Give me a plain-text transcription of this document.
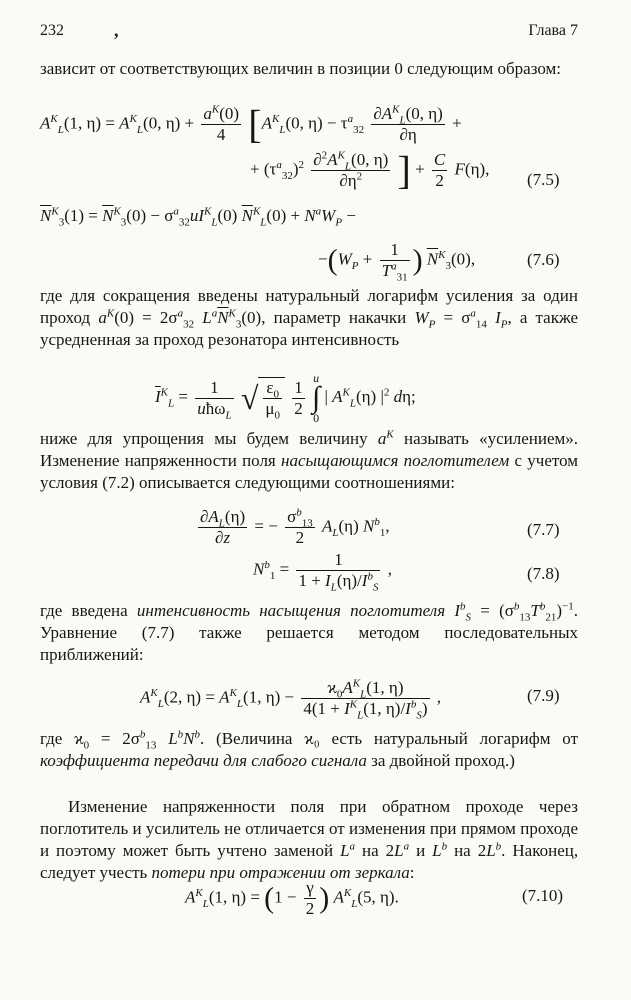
232	,	Глава 7
зависит от соответствующих величин в позиции 0 следующим образом:
$A^K_L(1$, $\eta) = A^K_L(0$, $\eta) + \frac{a^K(0)}{4} [A^K_L(0$, $\eta) - \tau^a_{32} \frac{\partial A^K_L(0, \eta)}{\partial\eta}$ +
+ $(\tau^a_{32})^2 \frac{\partial^2A^K_L(0, \eta)}{\partial\eta^2}$ ] + $\frac{C}{2} F(\eta)$,
(7.5)
$\overline{N}^K_3(1) = \overline{N}^K_3(0) - \sigma^a_{32}uI^K_L(0) \overline{N}^K_L(0) + N^aW_P$ −
$-(W_P + \frac{1}{T^a_{31}}$ ) $\overline{N}^K_3(0)$,	(7.6)
где для сокращения введены натуральный логарифм усиления за один проход $a^K(0) = 2\sigma^a_{32}$ $L^a\overline{N}^K_3(0)$, параметр накачки $W_P = \sigma^a_{14}$ $I_P$, а также усредненная за проход резонатора интенсивность
$\overline{I}^K_L = \frac{1}{uħ\omega_L}$ √ $\frac{\varepsilon_0}{\mu_0}$
$\frac{1}{2}$ u
∫
0 | $A^K_L(\eta)$ $|^2$ dη;
ниже для упрощения мы будем величину $a^K$ называть «усилением». Изменение напряженности поля насыщающимся поглотителем с учетом условия (7.2) описывается следующими соотношениями:
$\frac{\partial A_L(\eta)}{\partial z}$ = − $\frac{\sigma^b_{13}}{2} A_L(\eta)$ $N^b_1$,	(7.7)
$N^b_1 = \frac{1}{1 + I_L(\eta)/I^b_S}$ ,	(7.8)
где введена интенсивность насыщения поглотителя $I^b_S = (\sigma^b_{13}T^b_{21})^{-1}$. Уравнение (7.7) также решается методом последовательных приближений:
$A^K_L(2$, $\eta) = A^K_L(1$, $\eta) - \frac{ϰ_0A^K_L(1, \eta)}{4(1 + I^K_L(1, \eta)/I^b_S)}$ ,	(7.9)
где $ϰ_0 = 2\sigma^b_{13}$ $L^bN^b$. (Величина ϰ₀ есть натуральный логарифм от коэффициента передачи для слабого сигнала за двойной проход.)
Изменение напряженности поля при обратном проходе через поглотитель и усилитель не отличается от изменения при прямом проходе и поэтому может быть учтено заменой $L^a$ на $2L^a$ и $L^b$ на $2L^b$. Наконец, следует учесть потери при отражении от зеркала:
$A^K_L(1$, $\eta) = (1 - \frac{\gamma}{2}$ ) $A^K_L(5$, η).	(7.10)
